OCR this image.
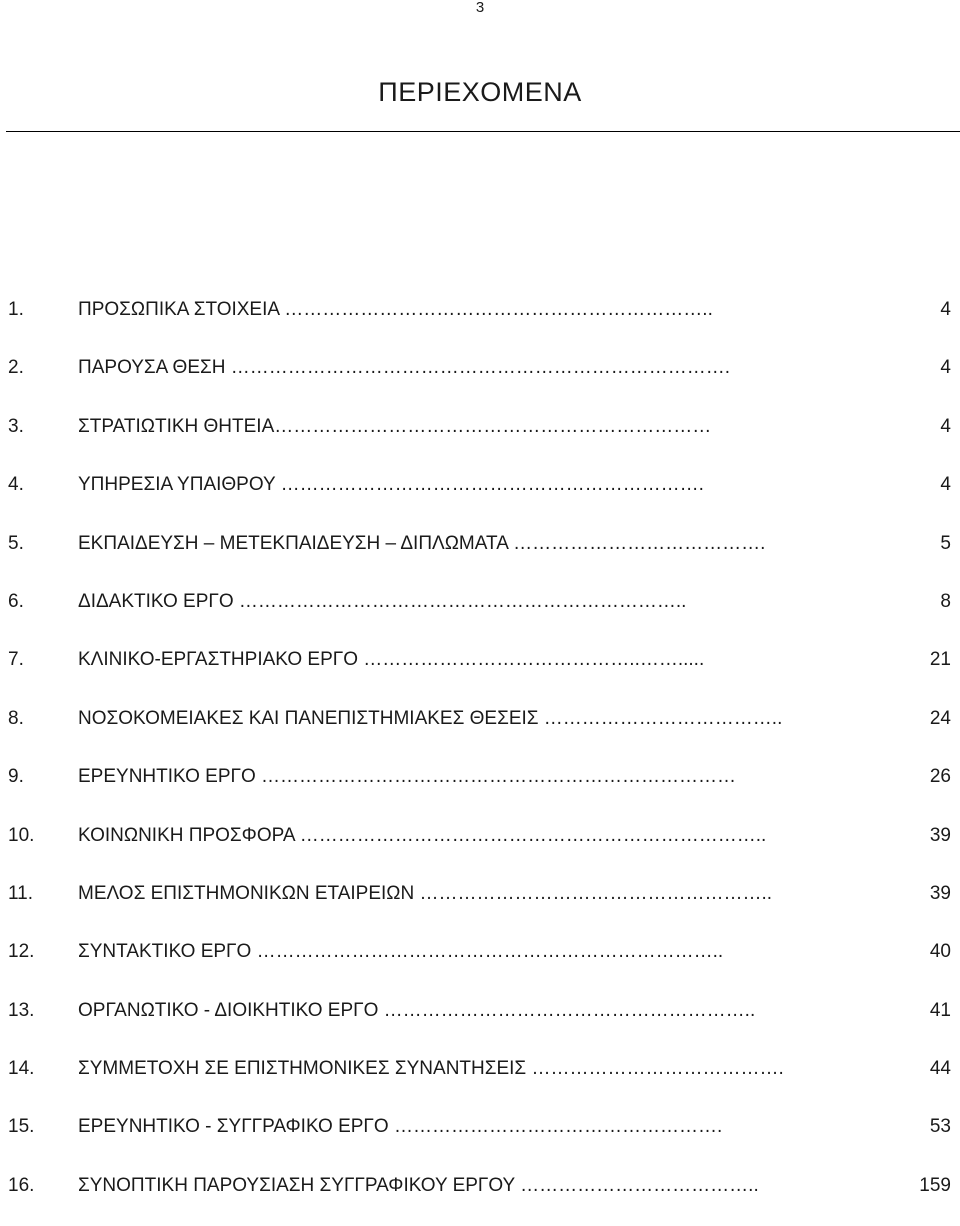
3
ΠΕΡΙΕΧΟΜΕΝΑ
1.	ΠΡΟΣΩΠΙΚΑ ΣΤΟΙΧΕΙΑ …………………………………………………………..	4
2.	ΠΑΡΟΥΣΑ ΘΕΣΗ …………………………………………………………………….	4
3.	ΣΤΡΑΤΙΩΤΙΚΗ ΘΗΤΕΙΑ……………………………………………………………	4
4.	ΥΠΗΡΕΣΙΑ ΥΠΑΙΘΡΟΥ ………………………………………………………….	4
5.	ΕΚΠΑΙΔΕΥΣΗ – ΜΕΤΕΚΠΑΙΔΕΥΣΗ – ΔΙΠΛΩΜΑΤΑ ………………………………….	5
6.	ΔΙΔΑΚΤΙΚΟ ΕΡΓΟ ……………………………………………………………..	8
7.	ΚΛΙΝΙΚΟ-ΕΡΓΑΣΤΗΡΙΑΚΟ ΕΡΓΟ ……………………………………..…….....	21
8.	ΝΟΣΟΚΟΜΕΙΑΚΕΣ ΚΑΙ ΠΑΝΕΠΙΣΤΗΜΙΑΚΕΣ ΘΕΣΕΙΣ ………………………………..	24
9.	ΕΡΕΥΝΗΤΙΚΟ ΕΡΓΟ …………………………………………………………………	26
10.	ΚΟΙΝΩΝΙΚΗ ΠΡΟΣΦΟΡΑ ………………………………………………………………..	39
11.	ΜΕΛΟΣ ΕΠΙΣΤΗΜΟΝΙΚΩΝ ΕΤΑΙΡΕΙΩΝ ………………………………………………..	39
12.	ΣΥΝΤΑΚΤΙΚΟ ΕΡΓΟ ………………………………………………………………..	40
13.	ΟΡΓΑΝΩΤΙΚΟ - ΔΙΟΙΚΗΤΙΚΟ ΕΡΓΟ …………………………………………………..	41
14.	ΣΥΜΜΕΤΟΧΗ ΣΕ ΕΠΙΣΤΗΜΟΝΙΚΕΣ ΣΥΝΑΝΤΗΣΕΙΣ ………………………………….	44
15.	ΕΡΕΥΝΗΤΙΚΟ - ΣΥΓΓΡΑΦΙΚΟ ΕΡΓΟ …………………………………………….	53
16.	ΣΥΝΟΠΤΙΚΗ ΠΑΡΟΥΣΙΑΣΗ ΣΥΓΓΡΑΦΙΚΟΥ ΕΡΓΟΥ ………………………………..	159
